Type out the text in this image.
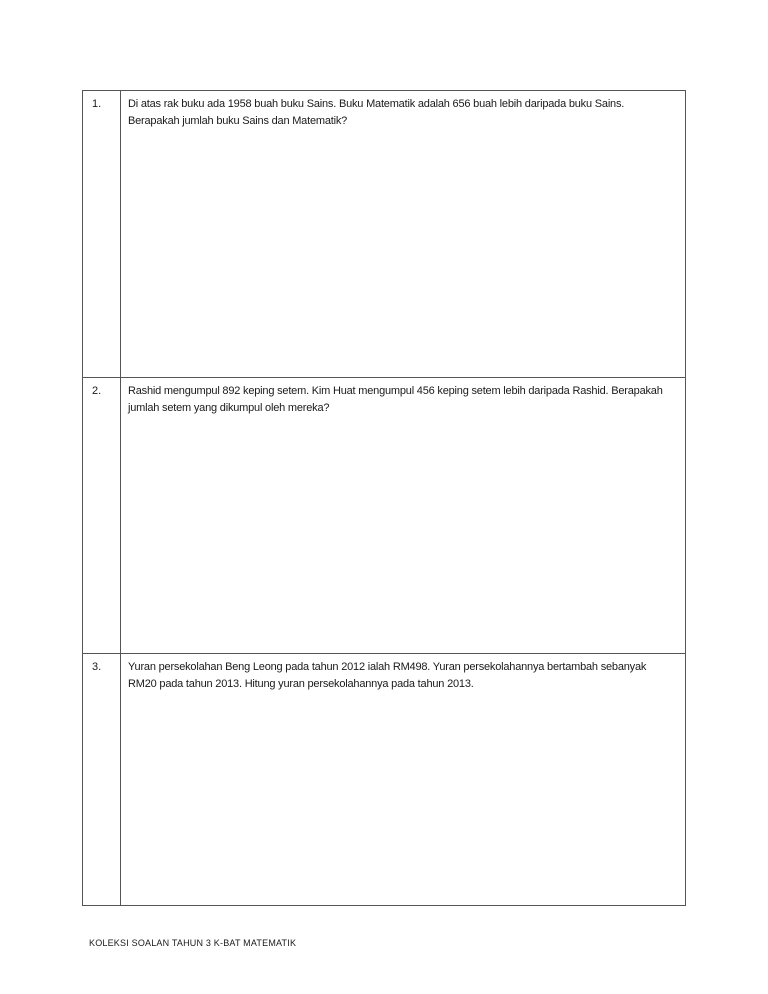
1.	Di atas rak buku ada 1958 buah buku Sains. Buku Matematik adalah 656 buah lebih daripada buku Sains. Berapakah jumlah buku Sains dan Matematik?
2.	Rashid mengumpul 892 keping setem. Kim Huat mengumpul 456 keping setem lebih daripada Rashid. Berapakah jumlah setem yang dikumpul oleh mereka?
3.	Yuran persekolahan Beng Leong pada tahun 2012 ialah RM498. Yuran persekolahannya bertambah sebanyak RM20 pada tahun 2013. Hitung yuran persekolahannya pada tahun 2013.
KOLEKSI SOALAN TAHUN 3 K-BAT MATEMATIK
